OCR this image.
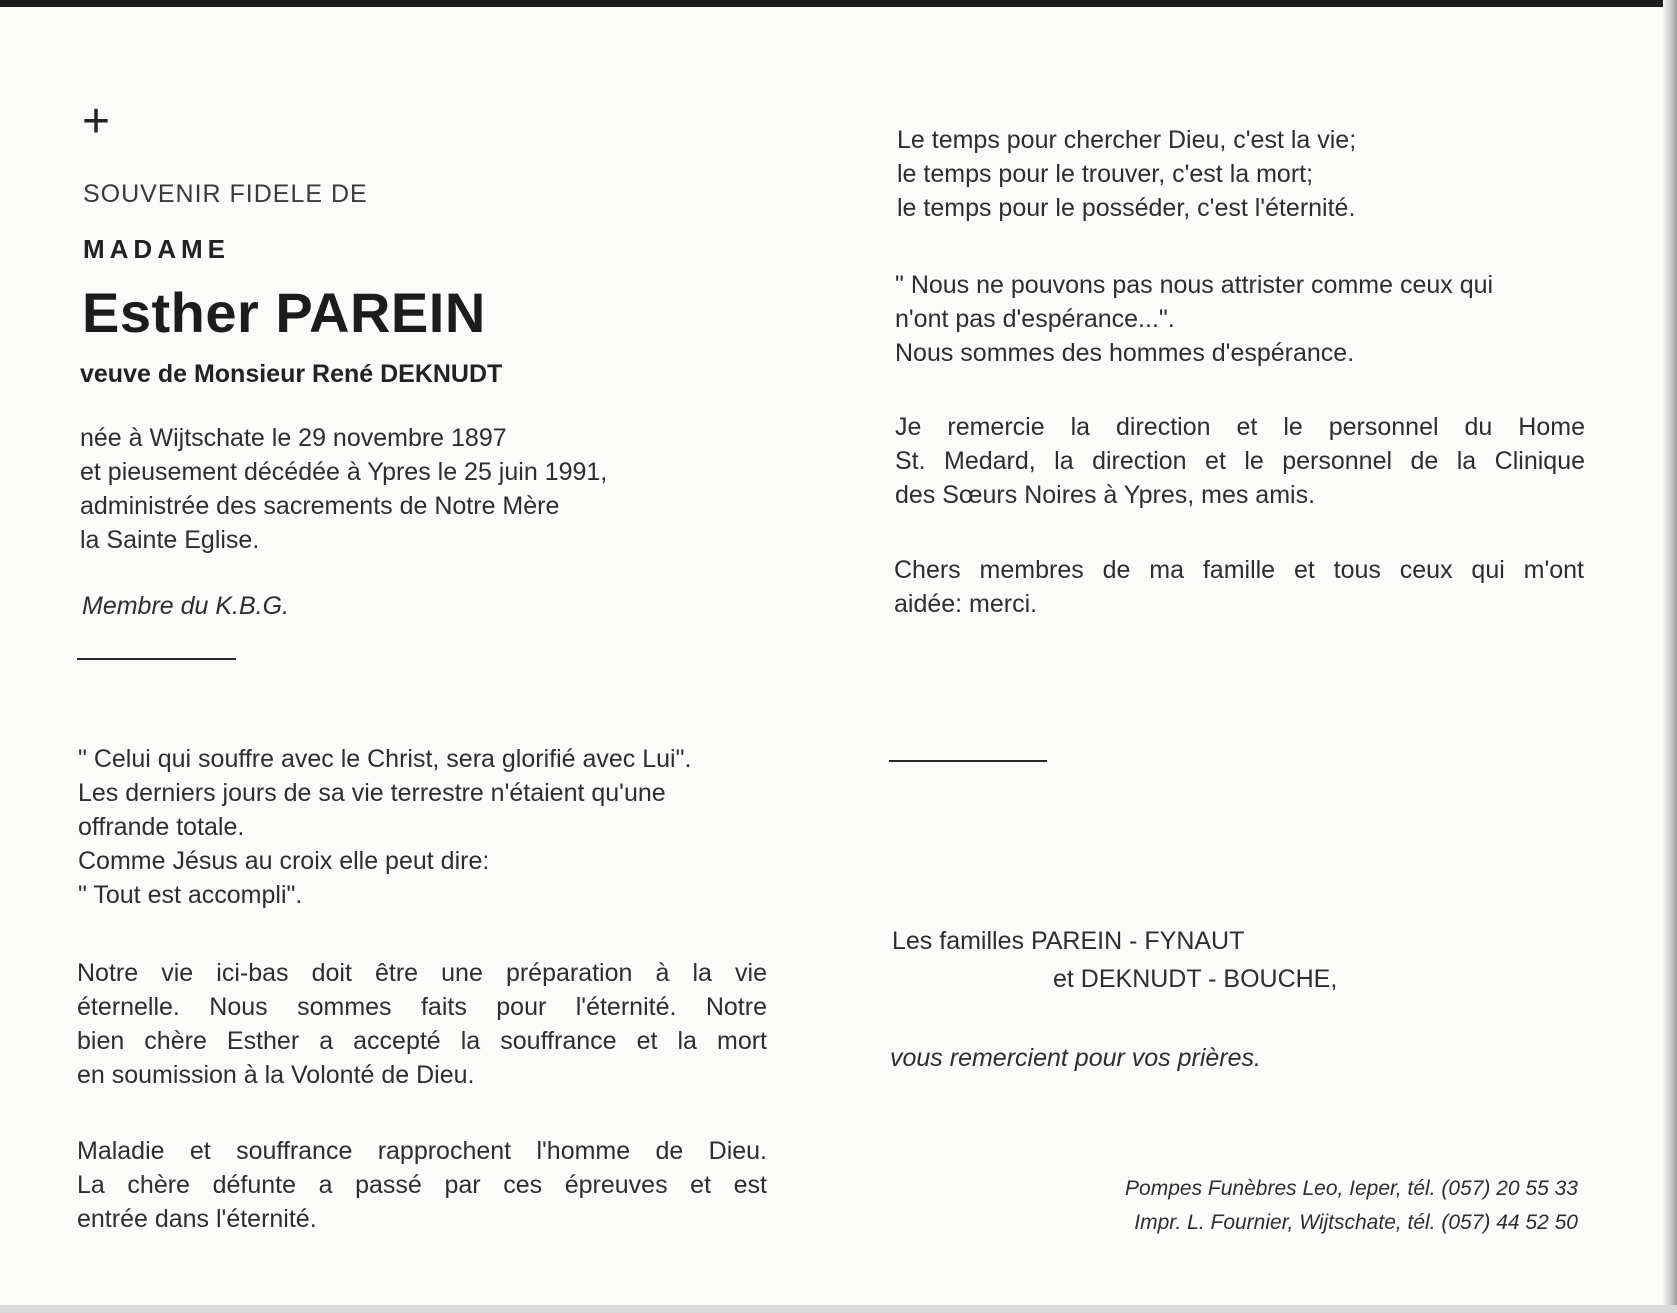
+
SOUVENIR FIDELE DE
MADAME
Esther PAREIN
veuve de Monsieur René DEKNUDT
née à Wijtschate le 29 novembre 1897
et pieusement décédée à Ypres le 25 juin 1991,
administrée des sacrements de Notre Mère
la Sainte Eglise.
Membre du K.B.G.
" Celui qui souffre avec le Christ, sera glorifié avec Lui".
Les derniers jours de sa vie terrestre n'étaient qu'une
offrande totale.
Comme Jésus au croix elle peut dire:
" Tout est accompli".
Notre vie ici-bas doit être une préparation à la vie
éternelle. Nous sommes faits pour l'éternité. Notre
bien chère Esther a accepté la souffrance et la mort
en soumission à la Volonté de Dieu.
Maladie et souffrance rapprochent l'homme de Dieu.
La chère défunte a passé par ces épreuves et est
entrée dans l'éternité.
Le temps pour chercher Dieu, c'est la vie;
le temps pour le trouver, c'est la mort;
le temps pour le posséder, c'est l'éternité.
" Nous ne pouvons pas nous attrister comme ceux qui
n'ont pas d'espérance...".
Nous sommes des hommes d'espérance.
Je remercie la direction et le personnel du Home
St. Medard, la direction et le personnel de la Clinique
des Sœurs Noires à Ypres, mes amis.
Chers membres de ma famille et tous ceux qui m'ont
aidée: merci.
Les familles PAREIN - FYNAUT
et DEKNUDT - BOUCHE,
vous remercient pour vos prières.
Pompes Funèbres Leo, Ieper, tél. (057) 20 55 33
Impr. L. Fournier, Wijtschate, tél. (057) 44 52 50
